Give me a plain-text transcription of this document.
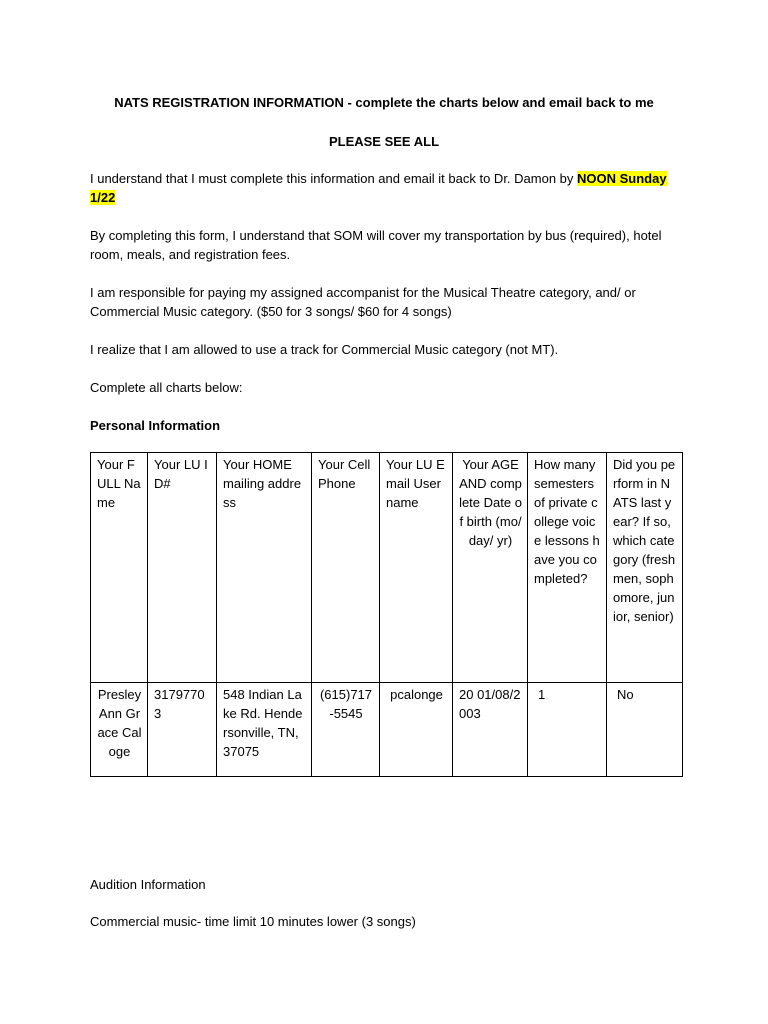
NATS REGISTRATION INFORMATION - complete the charts below and email back to me

PLEASE SEE ALL

I understand that I must complete this information and email it back to Dr. Damon by NOON Sunday 1/22

By completing this form, I understand that SOM will cover my transportation by bus (required), hotel room, meals, and registration fees.

I am responsible for paying my assigned accompanist for the Musical Theatre category, and/ or Commercial Music category. ($50 for 3 songs/ $60 for 4 songs)

I realize that I am allowed to use a track for Commercial Music category (not MT).

Complete all charts below:

Personal Information

Your FULL Name	Your LU ID#	Your HOME mailing address	Your Cell Phone	Your LU Email User name	Your AGE AND complete Date of birth (mo/ day/ yr)	How many semesters of private college voice lessons have you completed?	Did you perform in NATS last year? If so, which category (freshmen, sophomore, junior, senior)
Presley Ann Grace Caloge	31797703	548 Indian Lake Rd. Hendersonville, TN, 37075	(615)717-5545	pcalonge	20 01/08/2003	1	No

Audition Information

Commercial music- time limit 10 minutes lower (3 songs)
